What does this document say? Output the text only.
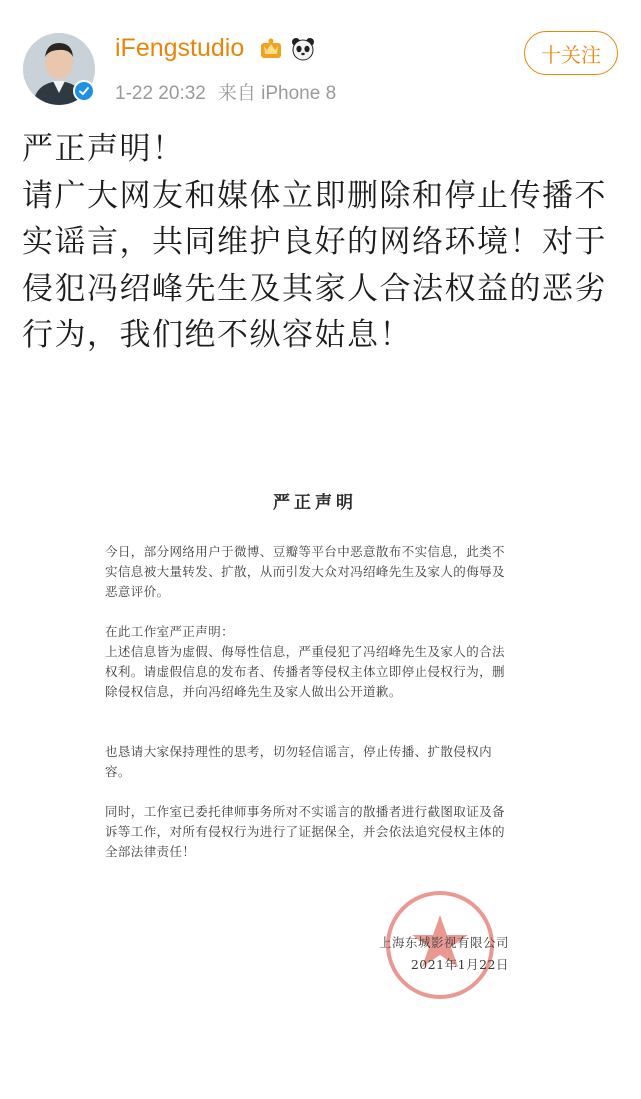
iFengstudio
1-22 20:32 来自 iPhone 8
十关注
严正声明！
请广大网友和媒体立即删除和停止传播不实谣言，共同维护良好的网络环境！对于侵犯冯绍峰先生及其家人合法权益的恶劣行为，我们绝不纵容姑息！
严正声明
今日，部分网络用户于微博、豆瓣等平台中恶意散布不实信息，此类不实信息被大量转发、扩散，从而引发大众对冯绍峰先生及家人的侮辱及恶意评价。
在此工作室严正声明：
上述信息皆为虚假、侮辱性信息，严重侵犯了冯绍峰先生及家人的合法权利。请虚假信息的发布者、传播者等侵权主体立即停止侵权行为，删除侵权信息，并向冯绍峰先生及家人做出公开道歉。
也恳请大家保持理性的思考，切勿轻信谣言，停止传播、扩散侵权内容。
同时，工作室已委托律师事务所对不实谣言的散播者进行截图取证及备诉等工作，对所有侵权行为进行了证据保全，并会依法追究侵权主体的全部法律责任！
上海东城影视有限公司
2021年1月22日
